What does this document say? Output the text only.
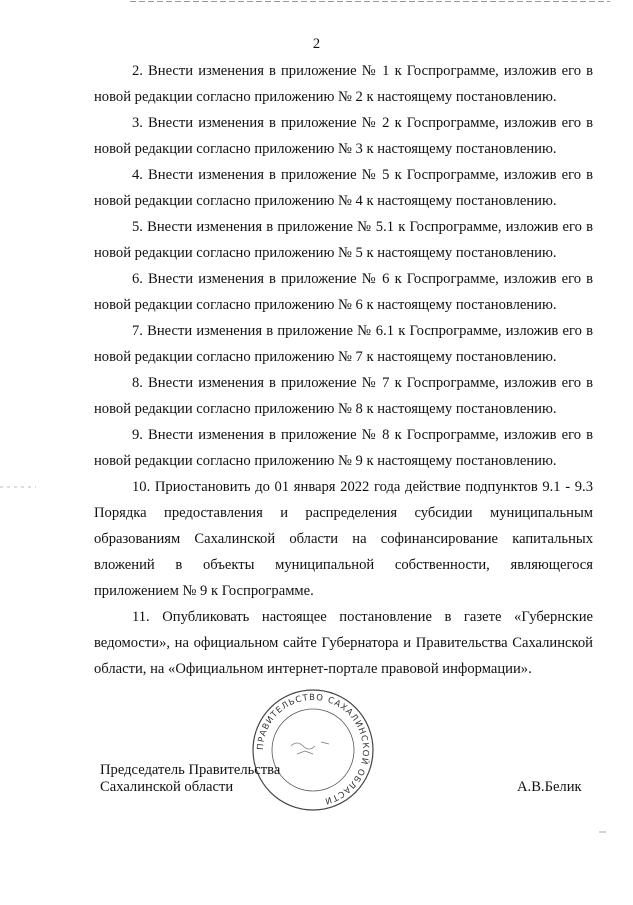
2

2. Внести изменения в приложение № 1 к Госпрограмме, изложив его в новой редакции согласно приложению № 2 к настоящему постановлению.

3. Внести изменения в приложение № 2 к Госпрограмме, изложив его в новой редакции согласно приложению № 3 к настоящему постановлению.

4. Внести изменения в приложение № 5 к Госпрограмме, изложив его в новой редакции согласно приложению № 4 к настоящему постановлению.

5. Внести изменения в приложение № 5.1 к Госпрограмме, изложив его в новой редакции согласно приложению № 5 к настоящему постановлению.

6. Внести изменения в приложение № 6 к Госпрограмме, изложив его в новой редакции согласно приложению № 6 к настоящему постановлению.

7. Внести изменения в приложение № 6.1 к Госпрограмме, изложив его в новой редакции согласно приложению № 7 к настоящему постановлению.

8. Внести изменения в приложение № 7 к Госпрограмме, изложив его в новой редакции согласно приложению № 8 к настоящему постановлению.

9. Внести изменения в приложение № 8 к Госпрограмме, изложив его в новой редакции согласно приложению № 9 к настоящему постановлению.

10. Приостановить до 01 января 2022 года действие подпунктов 9.1 - 9.3 Порядка предоставления и распределения субсидии муниципальным образованиям Сахалинской области на софинансирование капитальных вложений в объекты муниципальной собственности, являющегося приложением № 9 к Госпрограмме.

11. Опубликовать настоящее постановление в газете «Губернские ведомости», на официальном сайте Губернатора и Правительства Сахалинской области, на «Официальном интернет-портале правовой информации».

ПРАВИТЕЛЬСТВО САХАЛИНСКОЙ ОБЛАСТИ
Председатель Правительства
Сахалинской области	А.В.Белик
